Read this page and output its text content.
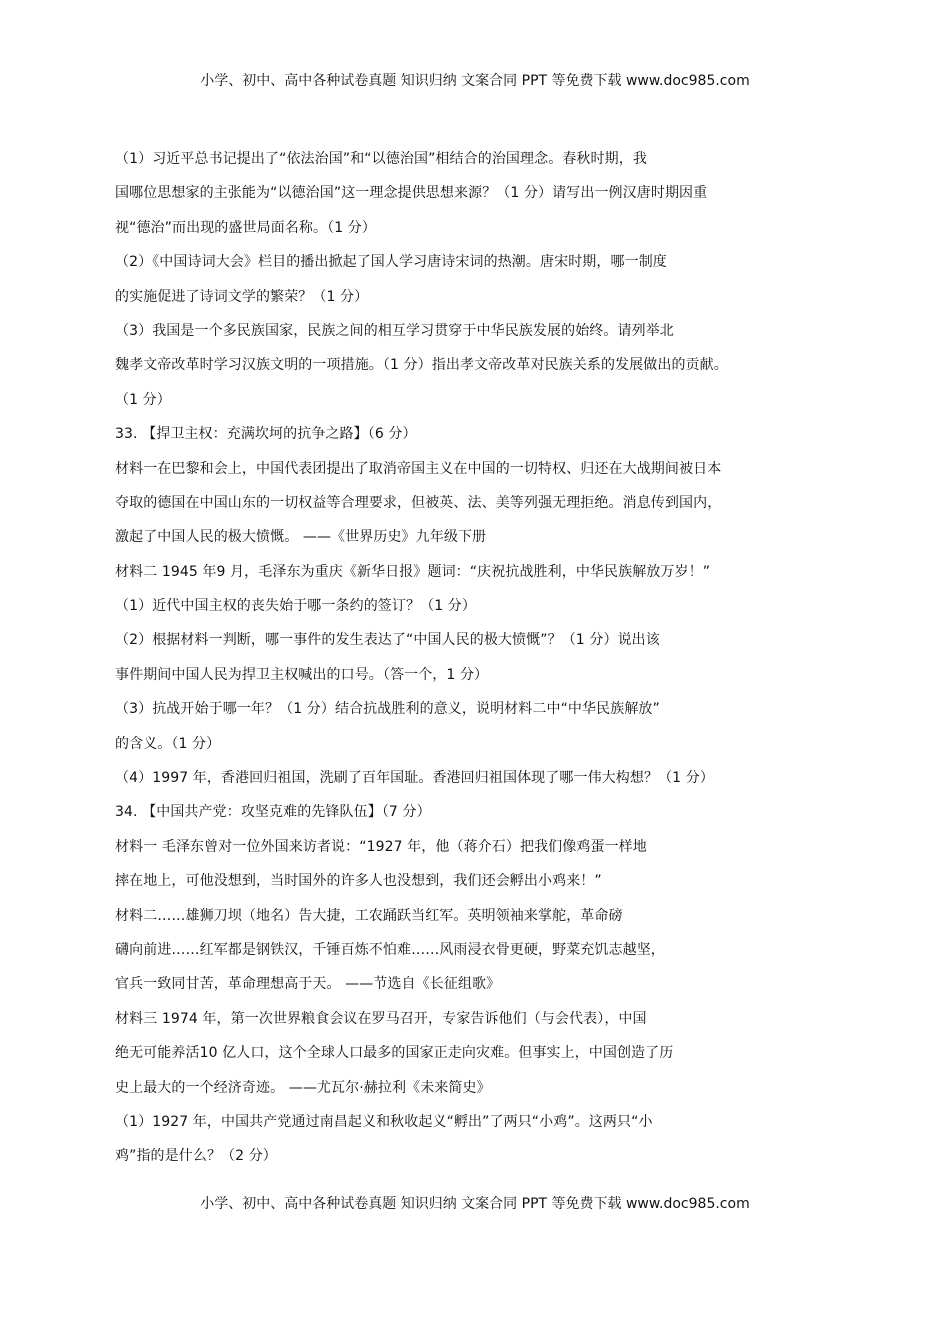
小学、初中、高中各种试卷真题 知识归纳 文案合同 PPT 等免费下载 www.doc985.com
（1）习近平总书记提出了“依法治国”和“以德治国”相结合的治国理念。春秋时期，我
国哪位思想家的主张能为“以德治国”这一理念提供思想来源？（1 分）请写出一例汉唐时期因重
视“德治”而出现的盛世局面名称。（1 分）
（2）《中国诗词大会》栏目的播出掀起了国人学习唐诗宋词的热潮。唐宋时期，哪一制度
的实施促进了诗词文学的繁荣？（1 分）
（3）我国是一个多民族国家，民族之间的相互学习贯穿于中华民族发展的始终。请列举北
魏孝文帝改革时学习汉族文明的一项措施。（1 分）指出孝文帝改革对民族关系的发展做出的贡献。
（1 分）
33. 【捍卫主权：充满坎坷的抗争之路】（6 分）
材料一在巴黎和会上，中国代表团提出了取消帝国主义在中国的一切特权、归还在大战期间被日本
夺取的德国在中国山东的一切权益等合理要求，但被英、法、美等列强无理拒绝。消息传到国内，
激起了中国人民的极大愤慨。 ——《世界历史》九年级下册
材料二 1945 年9 月，毛泽东为重庆《新华日报》题词：“庆祝抗战胜利，中华民族解放万岁！”
（1）近代中国主权的丧失始于哪一条约的签订？（1 分）
（2）根据材料一判断，哪一事件的发生表达了“中国人民的极大愤慨”？（1 分）说出该
事件期间中国人民为捍卫主权喊出的口号。（答一个，1 分）
（3）抗战开始于哪一年？（1 分）结合抗战胜利的意义，说明材料二中“中华民族解放”
的含义。（1 分）
（4）1997 年，香港回归祖国，洗刷了百年国耻。香港回归祖国体现了哪一伟大构想？（1 分）
34. 【中国共产党：攻坚克难的先锋队伍】（7 分）
材料一 毛泽东曾对一位外国来访者说：“1927 年，他（蒋介石）把我们像鸡蛋一样地
摔在地上，可他没想到，当时国外的许多人也没想到，我们还会孵出小鸡来！”
材料二……雄狮刀坝（地名）告大捷，工农踊跃当红军。英明领袖来掌舵，革命磅
礴向前进……红军都是钢铁汉，千锤百炼不怕难……风雨浸衣骨更硬，野菜充饥志越坚，
官兵一致同甘苦，革命理想高于天。 ——节选自《长征组歌》
材料三 1974 年，第一次世界粮食会议在罗马召开，专家告诉他们（与会代表），中国
绝无可能养活10 亿人口，这个全球人口最多的国家正走向灾难。但事实上，中国创造了历
史上最大的一个经济奇迹。 ——尤瓦尔·赫拉利《未来简史》
（1）1927 年，中国共产党通过南昌起义和秋收起义“孵出”了两只“小鸡”。这两只“小
鸡”指的是什么？（2 分）
小学、初中、高中各种试卷真题 知识归纳 文案合同 PPT 等免费下载 www.doc985.com
